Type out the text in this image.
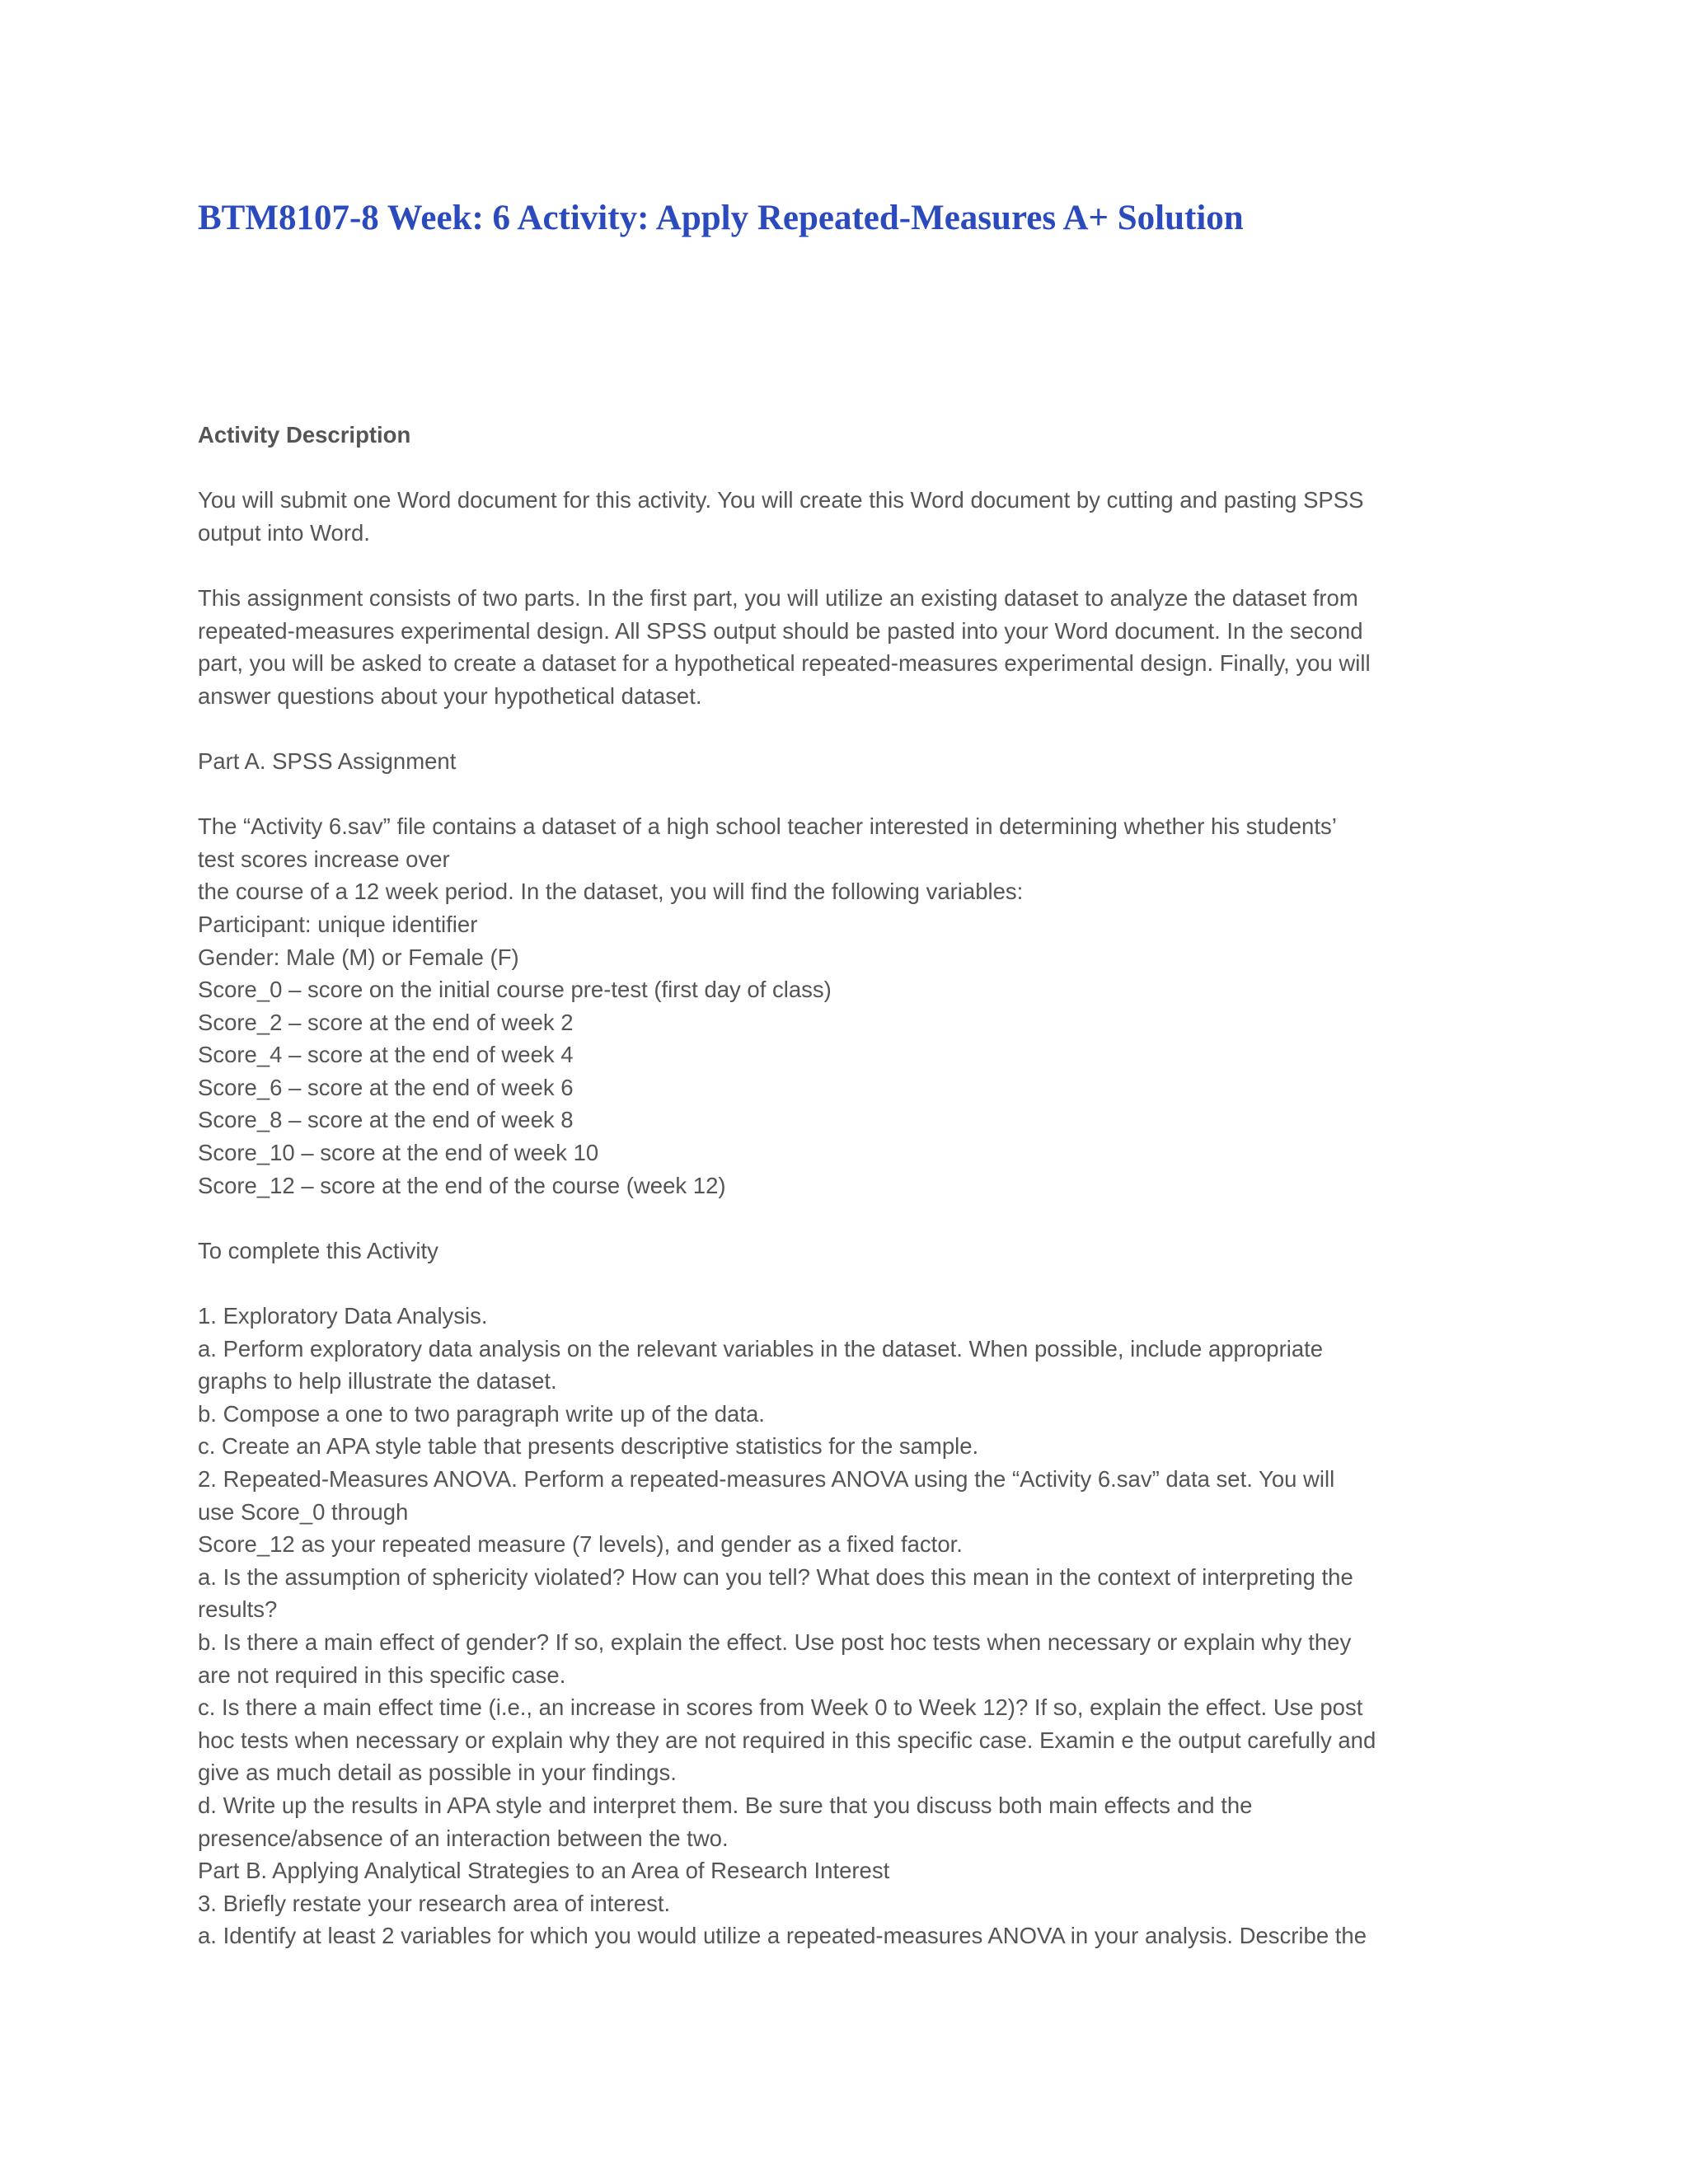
BTM8107-8 Week: 6 Activity: Apply Repeated-Measures A+ Solution

Activity Description

You will submit one Word document for this activity. You will create this Word document by cutting and pasting SPSS

output into Word.

This assignment consists of two parts. In the first part, you will utilize an existing dataset to analyze the dataset from

repeated-measures experimental design. All SPSS output should be pasted into your Word document. In the second

part, you will be asked to create a dataset for a hypothetical repeated-measures experimental design. Finally, you will

answer questions about your hypothetical dataset.

Part A. SPSS Assignment

The “Activity 6.sav” file contains a dataset of a high school teacher interested in determining whether his students’

test scores increase over

the course of a 12 week period. In the dataset, you will find the following variables:

Participant: unique identifier

Gender: Male (M) or Female (F)

Score_0 – score on the initial course pre-test (first day of class)

Score_2 – score at the end of week 2

Score_4 – score at the end of week 4

Score_6 – score at the end of week 6

Score_8 – score at the end of week 8

Score_10 – score at the end of week 10

Score_12 – score at the end of the course (week 12)

To complete this Activity

1. Exploratory Data Analysis.

a. Perform exploratory data analysis on the relevant variables in the dataset. When possible, include appropriate

graphs to help illustrate the dataset.

b. Compose a one to two paragraph write up of the data.

c. Create an APA style table that presents descriptive statistics for the sample.

2. Repeated-Measures ANOVA. Perform a repeated-measures ANOVA using the “Activity 6.sav” data set. You will

use Score_0 through

Score_12 as your repeated measure (7 levels), and gender as a fixed factor.

a. Is the assumption of sphericity violated? How can you tell? What does this mean in the context of interpreting the

results?

b. Is there a main effect of gender? If so, explain the effect. Use post hoc tests when necessary or explain why they

are not required in this specific case.

c. Is there a main effect time (i.e., an increase in scores from Week 0 to Week 12)? If so, explain the effect. Use post

hoc tests when necessary or explain why they are not required in this specific case. Examin e the output carefully and

give as much detail as possible in your findings.

d. Write up the results in APA style and interpret them. Be sure that you discuss both main effects and the

presence/absence of an interaction between the two.

Part B. Applying Analytical Strategies to an Area of Research Interest

3. Briefly restate your research area of interest.

a. Identify at least 2 variables for which you would utilize a repeated-measures ANOVA in your analysis. Describe the
